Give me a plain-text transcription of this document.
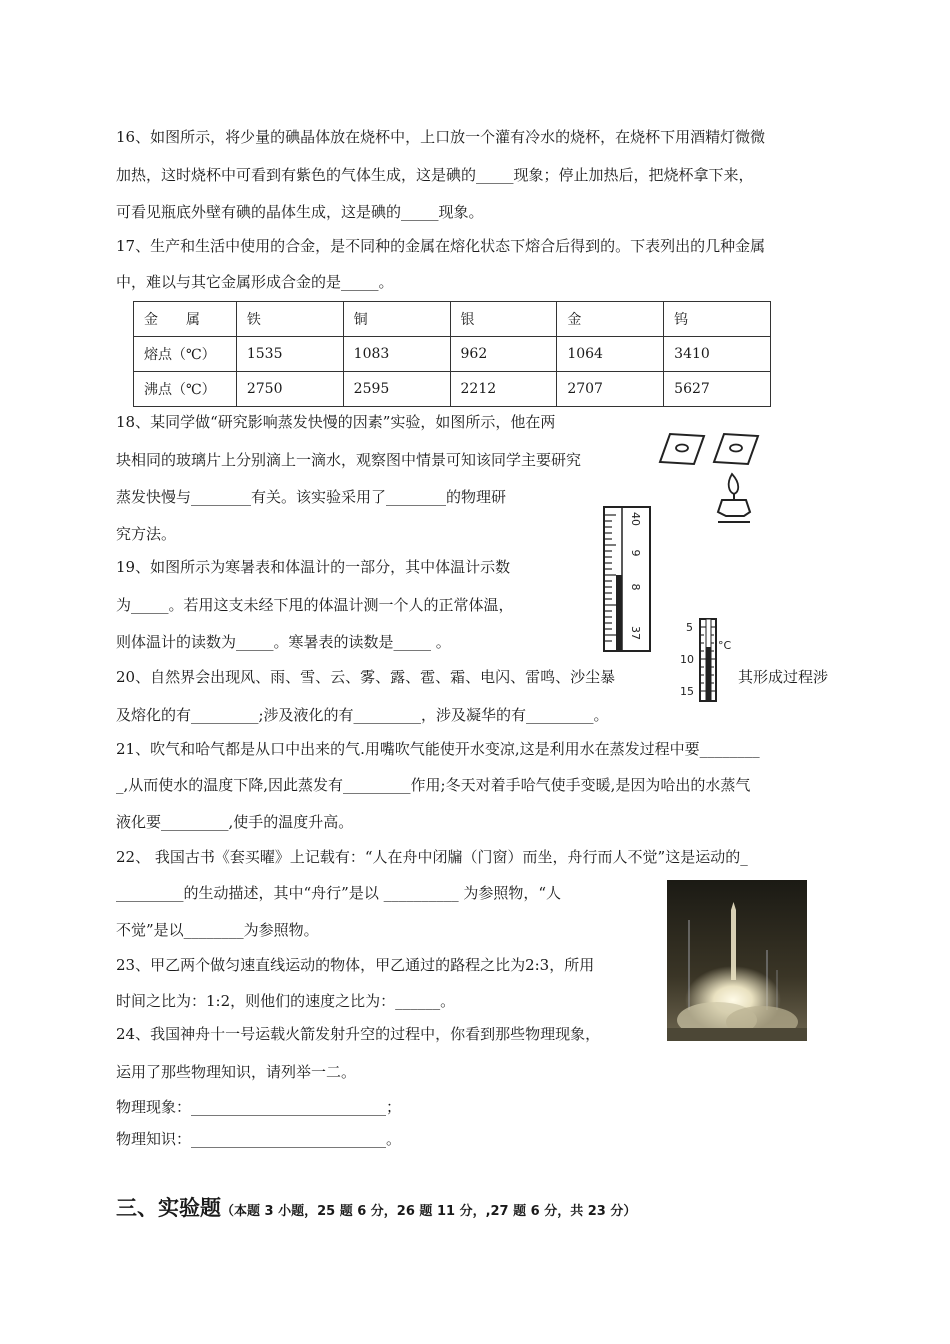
16、如图所示，将少量的碘晶体放在烧杯中，上口放一个灌有冷水的烧杯，在烧杯下用酒精灯微微
加热，这时烧杯中可看到有紫色的气体生成，这是碘的_____现象；停止加热后，把烧杯拿下来，
可看见瓶底外壁有碘的晶体生成，这是碘的_____现象。
17、生产和生活中使用的合金，是不同种的金属在熔化状态下熔合后得到的。下表列出的几种金属
中，难以与其它金属形成合金的是_____。
金　　属	铁	铜	银	金	钨
熔点（℃）	1535	1083	962	1064	3410
沸点（℃）	2750	2595	2212	2707	5627
18、某同学做“研究影响蒸发快慢的因素”实验，如图所示，他在两
块相同的玻璃片上分别滴上一滴水，观察图中情景可知该同学主要研究
蒸发快慢与________有关。该实验采用了________的物理研
究方法。
19、如图所示为寒暑表和体温计的一部分，其中体温计示数
为_____。若用这支未经下甩的体温计测一个人的正常体温，
则体温计的读数为_____。寒暑表的读数是_____ 。
40
9
8
37	5
10
15
°C
20、自然界会出现风、雨、雪、云、雾、露、雹、霜、电闪、雷鸣、沙尘暴	其形成过程涉
及熔化的有_________;涉及液化的有_________，涉及凝华的有_________。
21、吹气和哈气都是从口中出来的气.用嘴吹气能使开水变凉,这是利用水在蒸发过程中要________
_,从而使水的温度下降,因此蒸发有_________作用;冬天对着手哈气使手变暖,是因为哈出的水蒸气
液化要_________,使手的温度升高。
22、 我国古书《套买曜》上记载有：“人在舟中闭牖（门窗）而坐，舟行而人不觉”这是运动的_
_________的生动描述，其中“舟行”是以 __________ 为参照物，“人
不觉”是以________为参照物。
23、甲乙两个做匀速直线运动的物体，甲乙通过的路程之比为2:3，所用
时间之比为：1:2，则他们的速度之比为：______。
24、我国神舟十一号运载火箭发射升空的过程中，你看到那些物理现象，
运用了那些物理知识，请列举一二。
物理现象：__________________________；
物理知识：__________________________。
三、实验题（本题 3 小题，25 题 6 分，26 题 11 分，,27 题 6 分，共 23 分）
